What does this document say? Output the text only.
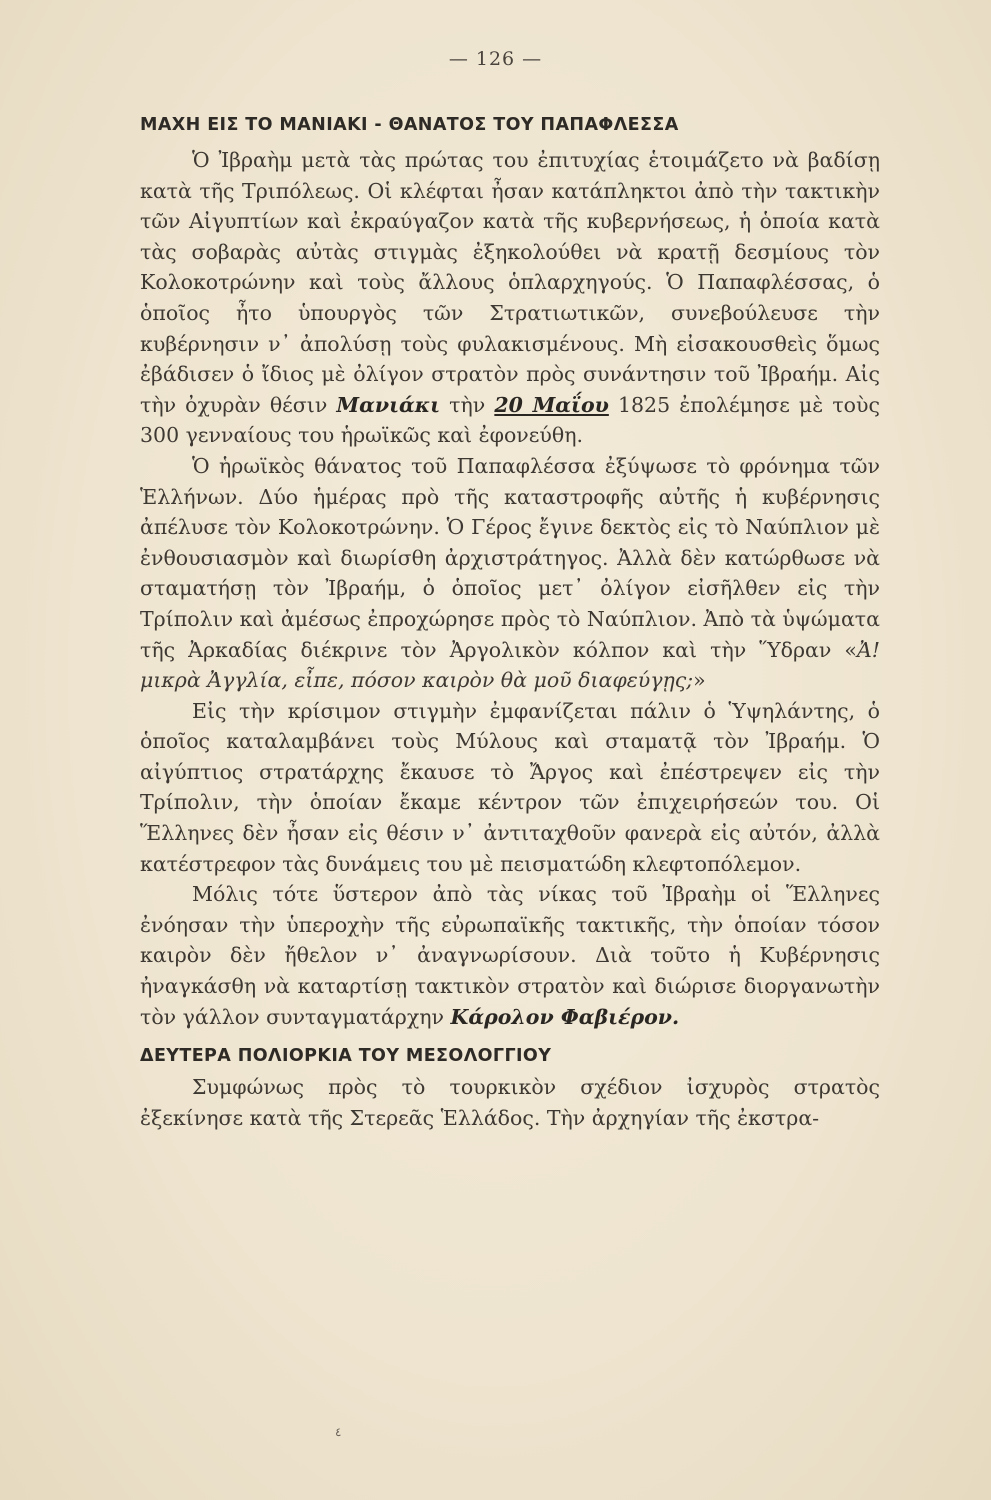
— 126 —
ΜΑΧΗ ΕΙΣ ΤΟ ΜΑΝΙΑΚΙ - ΘΑΝΑΤΟΣ ΤΟΥ ΠΑΠΑΦΛΕΣΣΑ

Ὁ Ἰβραὴμ μετὰ τὰς πρώτας του ἐπιτυχίας ἑτοιμάζετο νὰ βαδίσῃ κατὰ τῆς Τριπόλεως. Οἱ κλέφται ἦσαν κατάπληκτοι ἀπὸ τὴν τακτικὴν τῶν Αἰγυπτίων καὶ ἐκραύγαζον κατὰ τῆς κυβερνήσεως, ἡ ὁποία κατὰ τὰς σοβαρὰς αὐτὰς στιγμὰς ἐξηκολούθει νὰ κρατῇ δεσμίους τὸν Κολοκοτρώνην καὶ τοὺς ἄλλους ὁπλαρχηγούς. Ὁ Παπαφλέσσας, ὁ ὁποῖος ἦτο ὑπουργὸς τῶν Στρατιωτικῶν, συνεβούλευσε τὴν κυβέρνησιν ν᾽ ἀπολύσῃ τοὺς φυλακισμένους. Μὴ εἰσακουσθεὶς ὅμως ἐβάδισεν ὁ ἴδιος μὲ ὀλίγον στρατὸν πρὸς συνάντησιν τοῦ Ἰβραήμ. Αἰς τὴν ὀχυρὰν θέσιν Μανιάκι τὴν 20 Μαΐου 1825 ἐπολέμησε μὲ τοὺς 300 γενναίους του ἡρωϊκῶς καὶ ἐφονεύθη.

Ὁ ἡρωϊκὸς θάνατος τοῦ Παπαφλέσσα ἐξύψωσε τὸ φρόνημα τῶν Ἑλλήνων. Δύο ἡμέρας πρὸ τῆς καταστροφῆς αὐτῆς ἡ κυβέρνησις ἀπέλυσε τὸν Κολοκοτρώνην. Ὁ Γέρος ἔγινε δεκτὸς εἰς τὸ Ναύπλιον μὲ ἐνθουσιασμὸν καὶ διωρίσθη ἀρχιστράτηγος. Ἀλλὰ δὲν κατώρθωσε νὰ σταματήσῃ τὸν Ἰβραήμ, ὁ ὁποῖος μετ᾽ ὀλίγον εἰσῆλθεν εἰς τὴν Τρίπολιν καὶ ἀμέσως ἐπροχώρησε πρὸς τὸ Ναύπλιον. Ἀπὸ τὰ ὑψώματα τῆς Ἀρκαδίας διέκρινε τὸν Ἀργολικὸν κόλπον καὶ τὴν Ὕδραν «Ἀ! μικρὰ Ἀγγλία, εἶπε, πόσον καιρὸν θὰ μοῦ διαφεύγῃς;»

Εἰς τὴν κρίσιμον στιγμὴν ἐμφανίζεται πάλιν ὁ Ὑψηλάντης, ὁ ὁποῖος καταλαμβάνει τοὺς Μύλους καὶ σταματᾷ τὸν Ἰβραήμ. Ὁ αἰγύπτιος στρατάρχης ἔκαυσε τὸ Ἄργος καὶ ἐπέστρεψεν εἰς τὴν Τρίπολιν, τὴν ὁποίαν ἔκαμε κέντρον τῶν ἐπιχειρήσεών του. Οἱ Ἕλληνες δὲν ἦσαν εἰς θέσιν ν᾽ ἀντιταχθοῦν φανερὰ εἰς αὐτόν, ἀλλὰ κατέστρεφον τὰς δυνάμεις του μὲ πεισματώδη κλεφτοπόλεμον.

Μόλις τότε ὕστερον ἀπὸ τὰς νίκας τοῦ Ἰβραὴμ οἱ Ἕλληνες ἐνόησαν τὴν ὑπεροχὴν τῆς εὐρωπαϊκῆς τακτικῆς, τὴν ὁποίαν τόσον καιρὸν δὲν ἤθελον ν᾽ ἀναγνωρίσουν. Διὰ τοῦτο ἡ Κυβέρνησις ἠναγκάσθη νὰ καταρτίσῃ τακτικὸν στρατὸν καὶ διώρισε διοργανωτὴν τὸν γάλλον συνταγματάρχην Κάρολον Φαβιέρον.

ΔΕΥΤΕΡΑ ΠΟΛΙΟΡΚΙΑ ΤΟΥ ΜΕΣΟΛΟΓΓΙΟΥ

Συμφώνως πρὸς τὸ τουρκικὸν σχέδιον ἰσχυρὸς στρατὸς ἐξεκίνησε κατὰ τῆς Στερεᾶς Ἑλλάδος. Τὴν ἀρχηγίαν τῆς ἐκστρα-

٤
